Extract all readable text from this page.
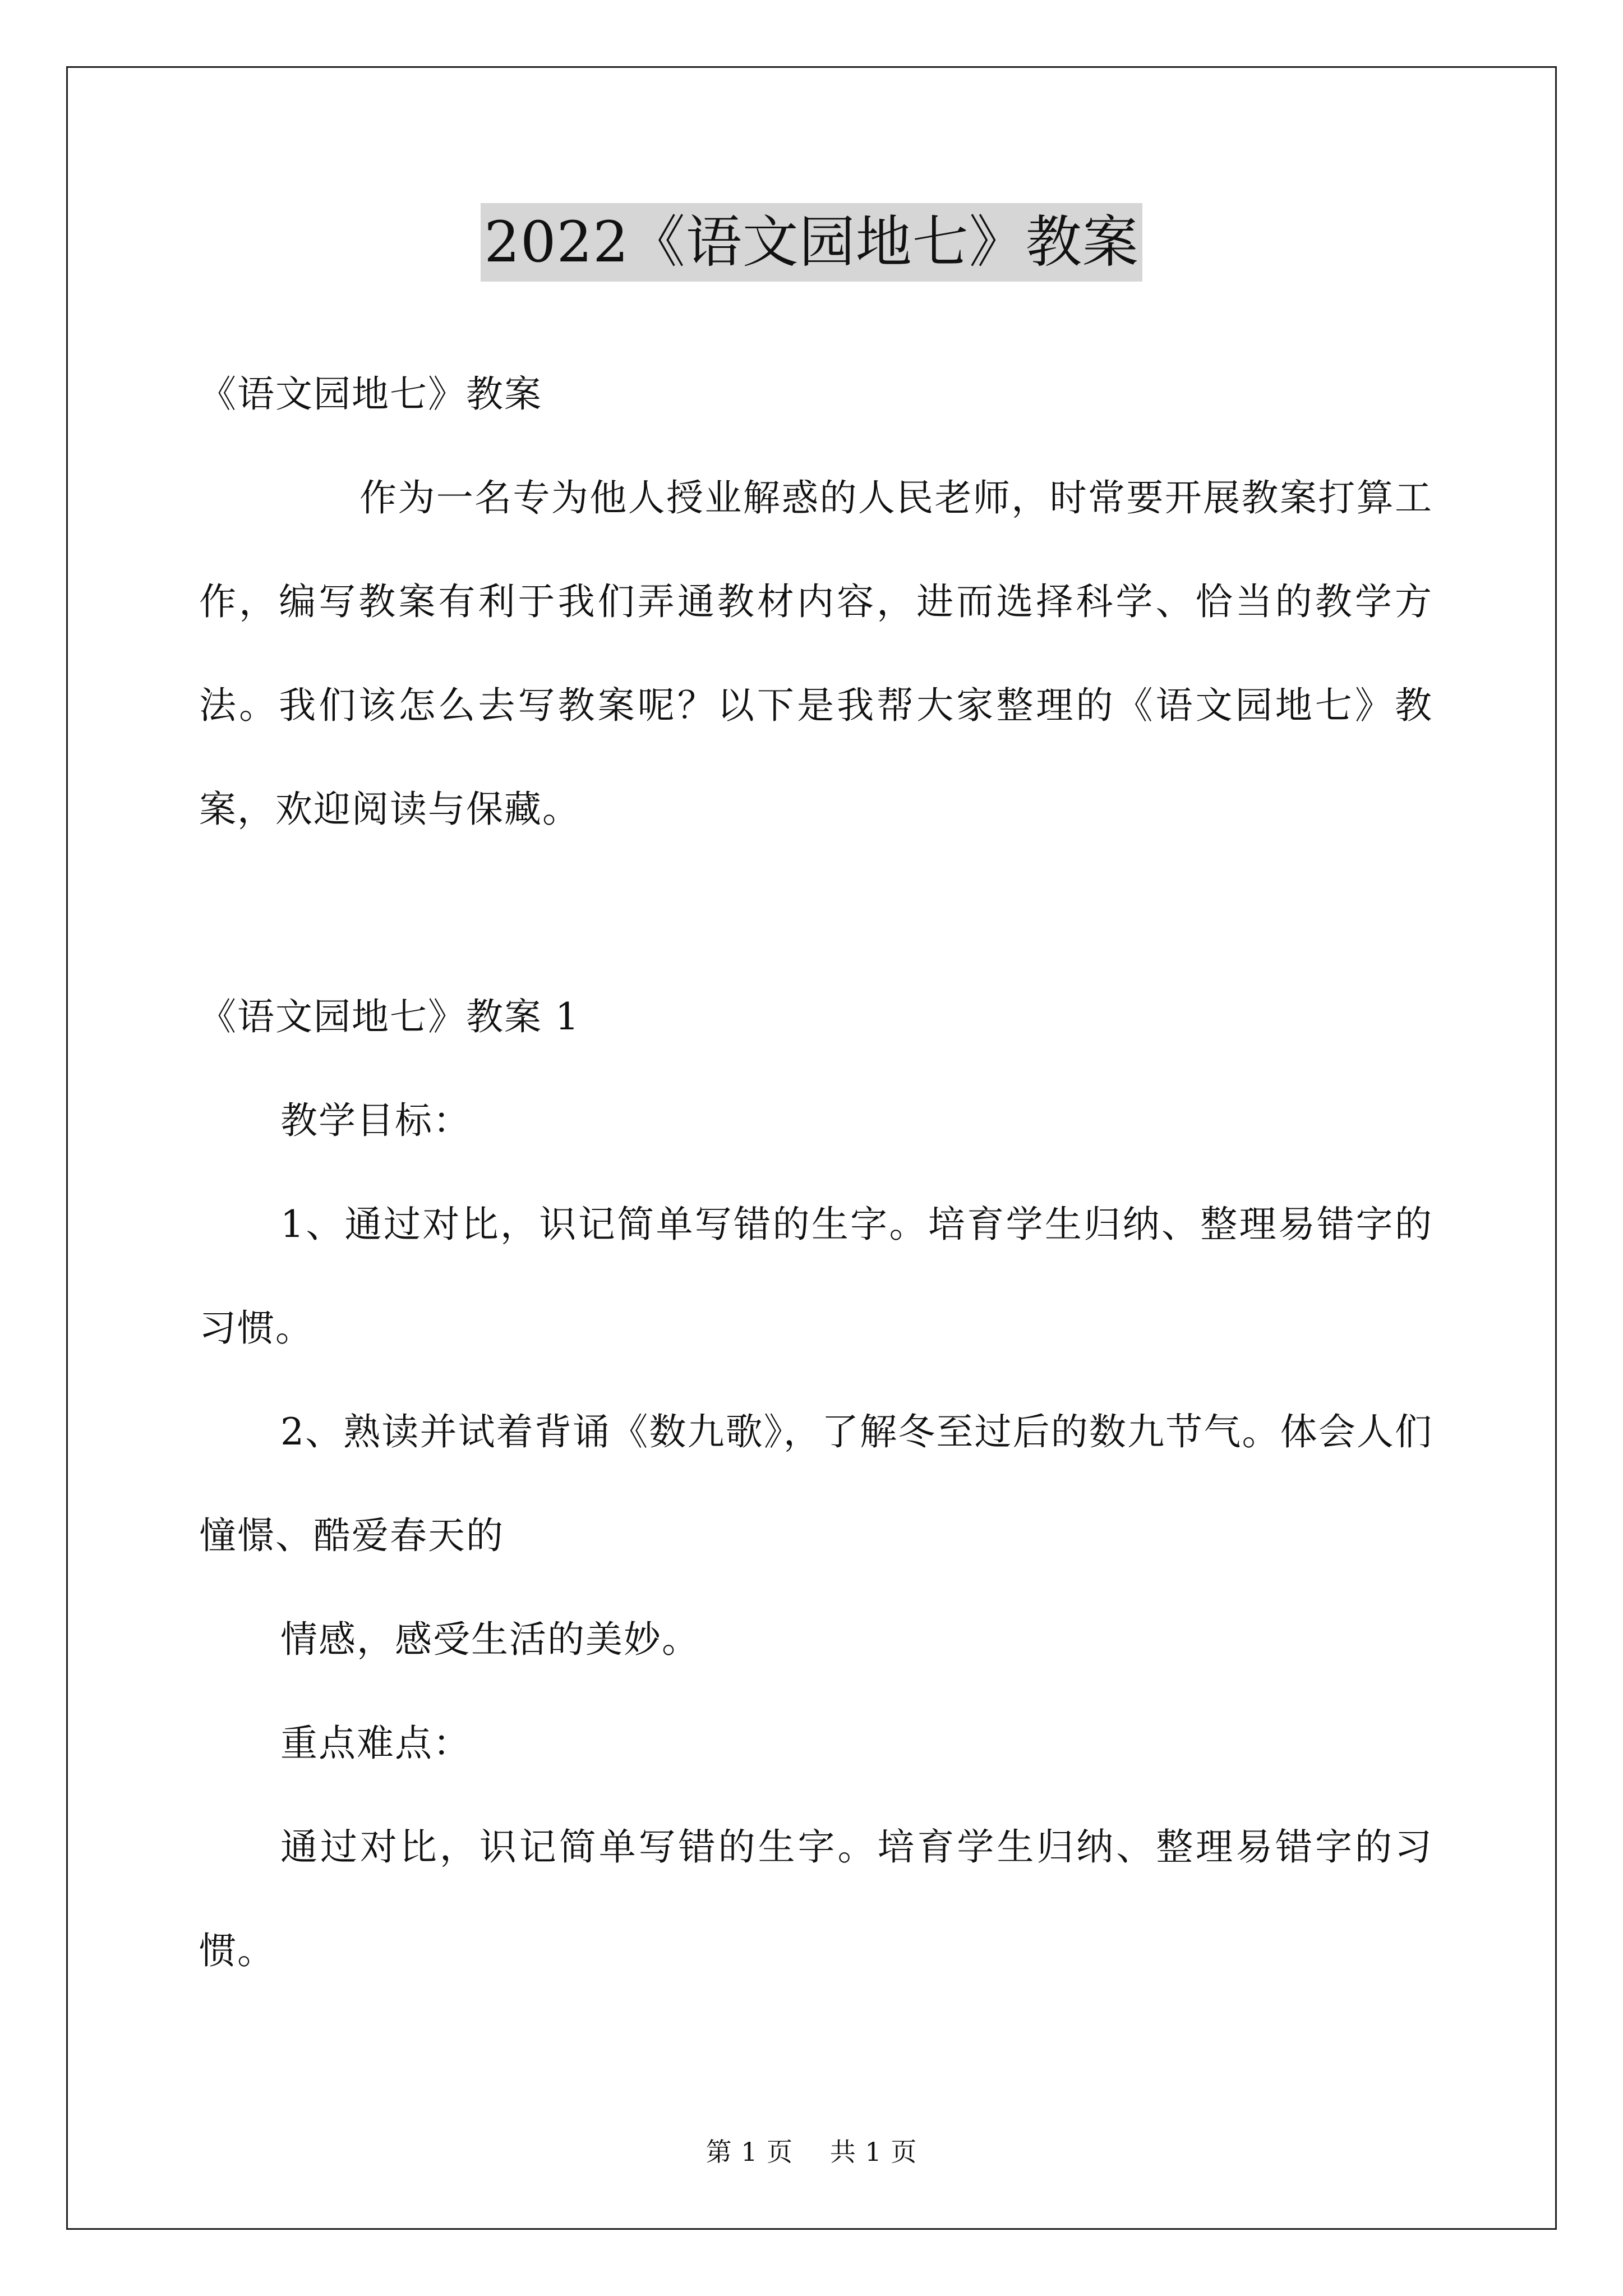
2022《语文园地七》教案

《语文园地七》教案

作为一名专为他人授业解惑的人民老师，时常要开展教案打算工作，编写教案有利于我们弄通教材内容，进而选择科学、恰当的教学方法。我们该怎么去写教案呢？以下是我帮大家整理的《语文园地七》教案，欢迎阅读与保藏。

《语文园地七》教案 1

教学目标：

1、通过对比，识记简单写错的生字。培育学生归纳、整理易错字的习惯。

2、熟读并试着背诵《数九歌》，了解冬至过后的数九节气。体会人们憧憬、酷爱春天的

情感，感受生活的美妙。

重点难点：

通过对比，识记简单写错的生字。培育学生归纳、整理易错字的习惯。

第 1 页 共 1 页
